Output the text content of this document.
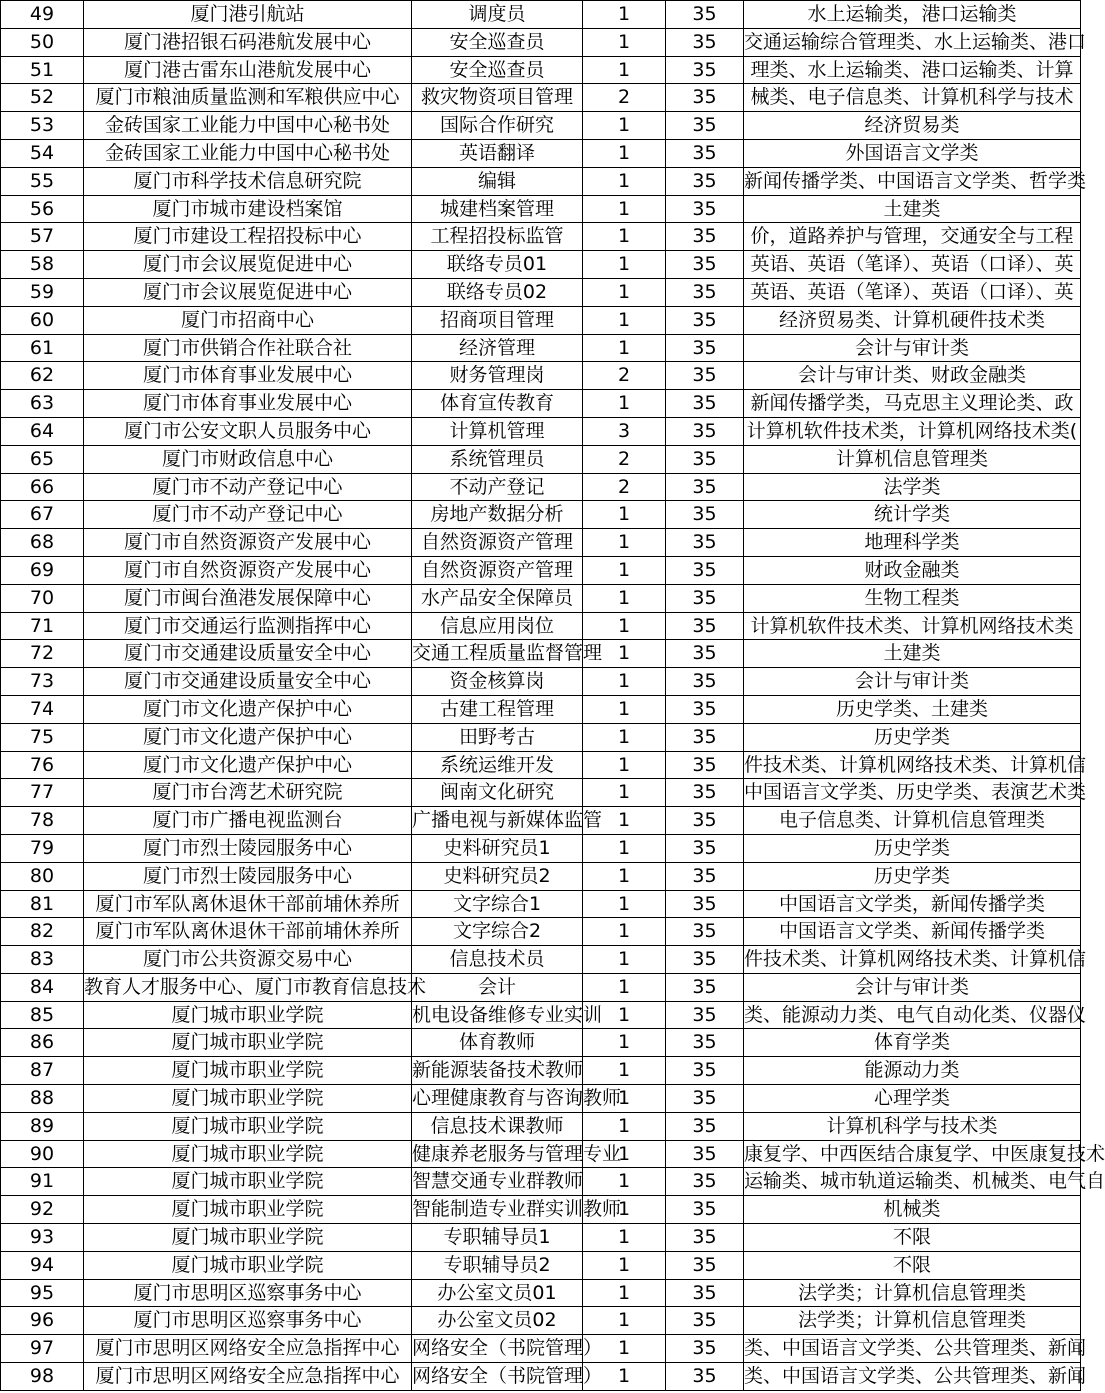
49	厦门港引航站	调度员	1	35	水上运输类，港口运输类
50	厦门港招银石码港航发展中心	安全巡查员	1	35	交通运输综合管理类、水上运输类、港口
51	厦门港古雷东山港航发展中心	安全巡查员	1	35	理类、水上运输类、港口运输类、计算
52	厦门市粮油质量监测和军粮供应中心	救灾物资项目管理	2	35	械类、电子信息类、计算机科学与技术
53	金砖国家工业能力中国中心秘书处	国际合作研究	1	35	经济贸易类
54	金砖国家工业能力中国中心秘书处	英语翻译	1	35	外国语言文学类
55	厦门市科学技术信息研究院	编辑	1	35	新闻传播学类、中国语言文学类、哲学类
56	厦门市城市建设档案馆	城建档案管理	1	35	土建类
57	厦门市建设工程招投标中心	工程招投标监管	1	35	价，道路养护与管理，交通安全与工程
58	厦门市会议展览促进中心	联络专员01	1	35	英语、英语（笔译）、英语（口译）、英
59	厦门市会议展览促进中心	联络专员02	1	35	英语、英语（笔译）、英语（口译）、英
60	厦门市招商中心	招商项目管理	1	35	经济贸易类、计算机硬件技术类
61	厦门市供销合作社联合社	经济管理	1	35	会计与审计类
62	厦门市体育事业发展中心	财务管理岗	2	35	会计与审计类、财政金融类
63	厦门市体育事业发展中心	体育宣传教育	1	35	新闻传播学类，马克思主义理论类、政
64	厦门市公安文职人员服务中心	计算机管理	3	35	计算机软件技术类，计算机网络技术类(
65	厦门市财政信息中心	系统管理员	2	35	计算机信息管理类
66	厦门市不动产登记中心	不动产登记	2	35	法学类
67	厦门市不动产登记中心	房地产数据分析	1	35	统计学类
68	厦门市自然资源资产发展中心	自然资源资产管理	1	35	地理科学类
69	厦门市自然资源资产发展中心	自然资源资产管理	1	35	财政金融类
70	厦门市闽台渔港发展保障中心	水产品安全保障员	1	35	生物工程类
71	厦门市交通运行监测指挥中心	信息应用岗位	1	35	计算机软件技术类、计算机网络技术类
72	厦门市交通建设质量安全中心	交通工程质量监督管理	1	35	土建类
73	厦门市交通建设质量安全中心	资金核算岗	1	35	会计与审计类
74	厦门市文化遗产保护中心	古建工程管理	1	35	历史学类、土建类
75	厦门市文化遗产保护中心	田野考古	1	35	历史学类
76	厦门市文化遗产保护中心	系统运维开发	1	35	件技术类、计算机网络技术类、计算机信
77	厦门市台湾艺术研究院	闽南文化研究	1	35	中国语言文学类、历史学类、表演艺术类
78	厦门市广播电视监测台	广播电视与新媒体监管	1	35	电子信息类、计算机信息管理类
79	厦门市烈士陵园服务中心	史料研究员1	1	35	历史学类
80	厦门市烈士陵园服务中心	史料研究员2	1	35	历史学类
81	厦门市军队离休退休干部前埔休养所	文字综合1	1	35	中国语言文学类，新闻传播学类
82	厦门市军队离休退休干部前埔休养所	文字综合2	1	35	中国语言文学类、新闻传播学类
83	厦门市公共资源交易中心	信息技术员	1	35	件技术类、计算机网络技术类、计算机信
84	教育人才服务中心、厦门市教育信息技术	会计	1	35	会计与审计类
85	厦门城市职业学院	机电设备维修专业实训	1	35	类、能源动力类、电气自动化类、仪器仪
86	厦门城市职业学院	体育教师	1	35	体育学类
87	厦门城市职业学院	新能源装备技术教师	1	35	能源动力类
88	厦门城市职业学院	心理健康教育与咨询教师	1	35	心理学类
89	厦门城市职业学院	信息技术课教师	1	35	计算机科学与技术类
90	厦门城市职业学院	健康养老服务与管理专业	1	35	康复学、中西医结合康复学、中医康复技术
91	厦门城市职业学院	智慧交通专业群教师	1	35	运输类、城市轨道运输类、机械类、电气自
92	厦门城市职业学院	智能制造专业群实训教师	1	35	机械类
93	厦门城市职业学院	专职辅导员1	1	35	不限
94	厦门城市职业学院	专职辅导员2	1	35	不限
95	厦门市思明区巡察事务中心	办公室文员01	1	35	法学类；计算机信息管理类
96	厦门市思明区巡察事务中心	办公室文员02	1	35	法学类；计算机信息管理类
97	厦门市思明区网络安全应急指挥中心	网络安全（书院管理）	1	35	类、中国语言文学类、公共管理类、新闻
98	厦门市思明区网络安全应急指挥中心	网络安全（书院管理）	1	35	类、中国语言文学类、公共管理类、新闻
